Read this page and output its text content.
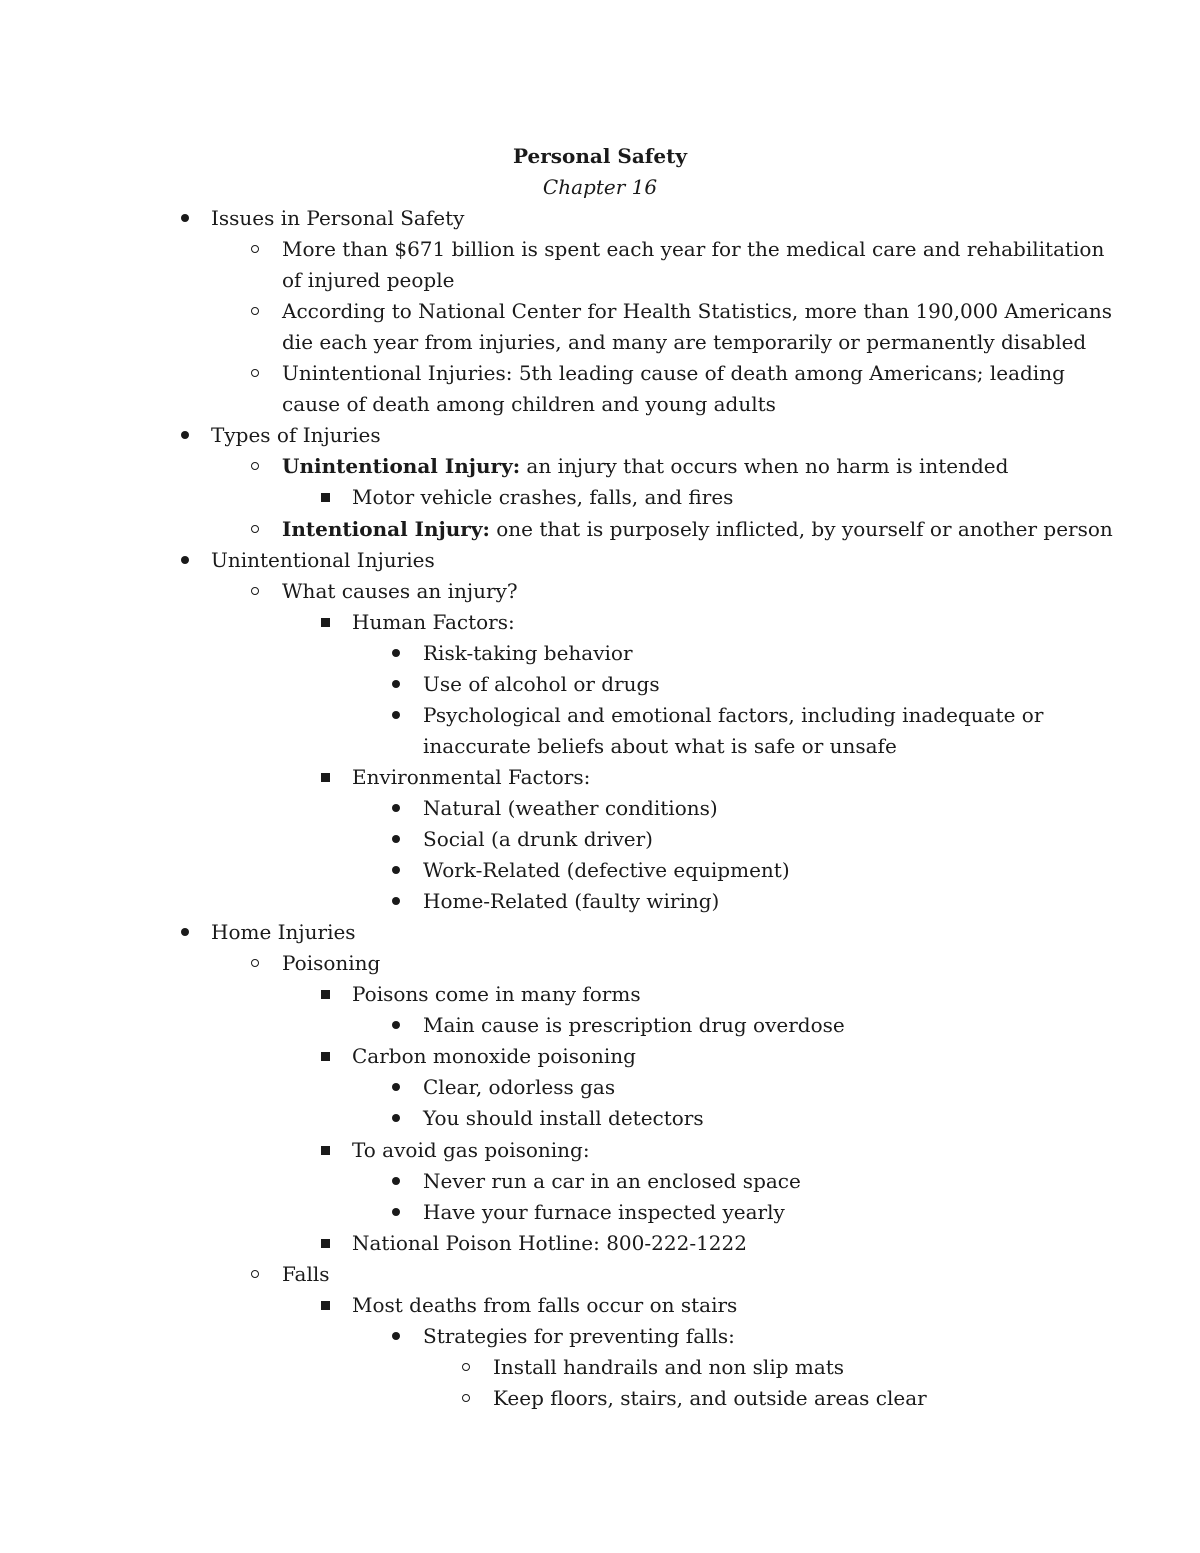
Personal Safety
Chapter 16
Issues in Personal Safety
More than $671 billion is spent each year for the medical care and rehabilitation
of injured people
According to National Center for Health Statistics, more than 190,000 Americans
die each year from injuries, and many are temporarily or permanently disabled
Unintentional Injuries: 5th leading cause of death among Americans; leading
cause of death among children and young adults
Types of Injuries
Unintentional Injury: an injury that occurs when no harm is intended
Motor vehicle crashes, falls, and fires
Intentional Injury: one that is purposely inflicted, by yourself or another person
Unintentional Injuries
What causes an injury?
Human Factors:
Risk-taking behavior
Use of alcohol or drugs
Psychological and emotional factors, including inadequate or
inaccurate beliefs about what is safe or unsafe
Environmental Factors:
Natural (weather conditions)
Social (a drunk driver)
Work-Related (defective equipment)
Home-Related (faulty wiring)
Home Injuries
Poisoning
Poisons come in many forms
Main cause is prescription drug overdose
Carbon monoxide poisoning
Clear, odorless gas
You should install detectors
To avoid gas poisoning:
Never run a car in an enclosed space
Have your furnace inspected yearly
National Poison Hotline: 800-222-1222
Falls
Most deaths from falls occur on stairs
Strategies for preventing falls:
Install handrails and non slip mats
Keep floors, stairs, and outside areas clear
